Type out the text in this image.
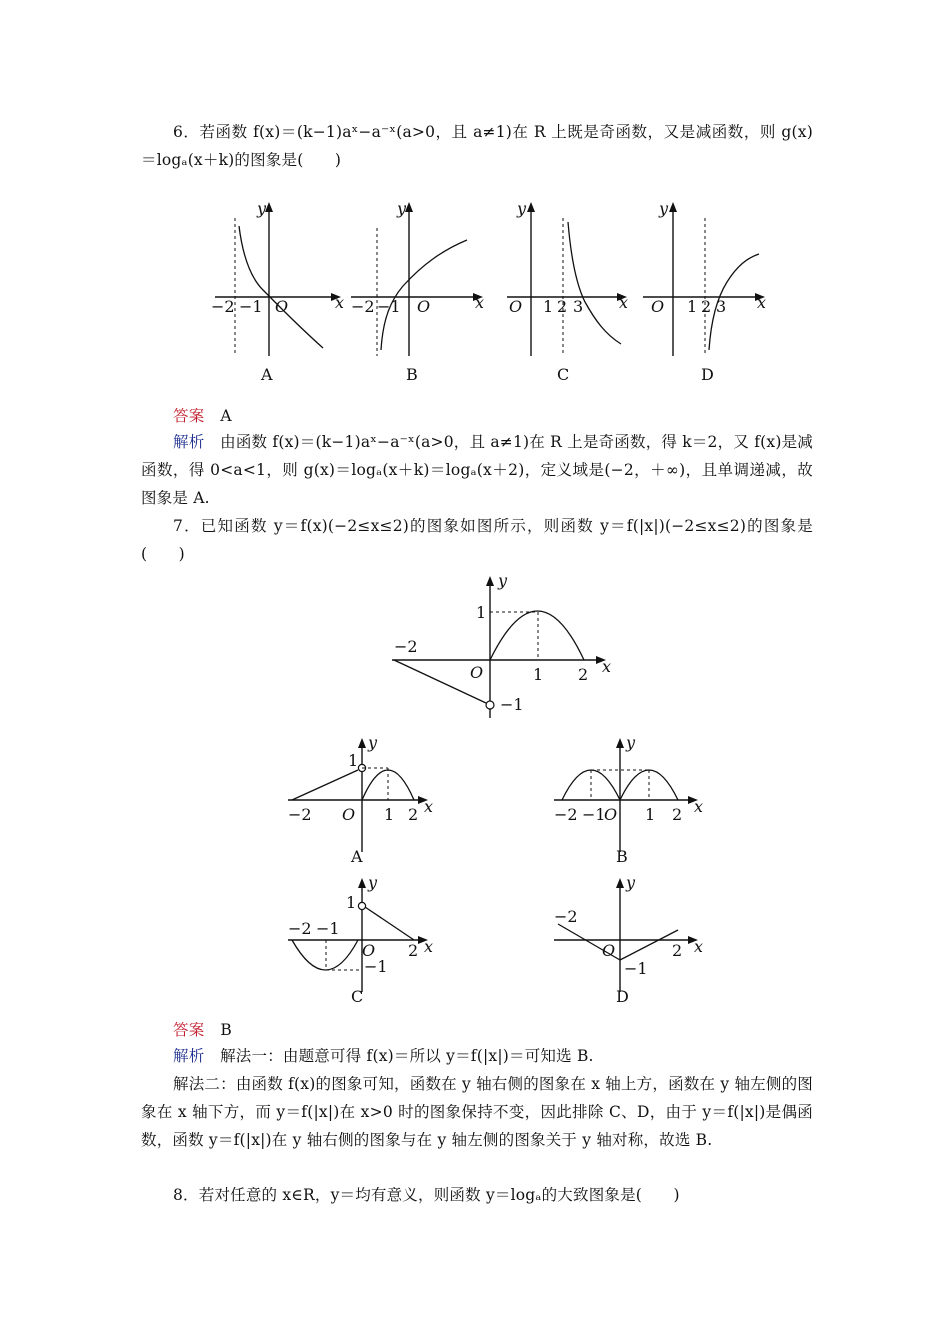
6．若函数 f(x)＝(k−1)aˣ−a⁻ˣ(a>0，且 a≠1)在 R 上既是奇函数，又是减函数，则 g(x)＝logₐ(x＋k)的图象是(　　)
−2 −1 O	x
y
A
−2 −1 O	x
y
B
O 1 2 3 x
y
C
O 1 2 3 x
y
D
答案 A
解析　 由函数 f(x)＝(k−1)aˣ−a⁻ˣ(a>0，且 a≠1)在 R 上是奇函数，得 k＝2，又 f(x)是减函数，得 0<a<1，则 g(x)＝logₐ(x＋k)＝logₐ(x＋2)，定义域是(−2，＋∞)，且单调递减，故图象是 A.
7．已知函数 y＝f(x)(−2≤x≤2)的图象如图所示，则函数 y＝f(|x|)(−2≤x≤2)的图象是(　　)
−2
O	1 2
1
−1
x
y
−2
1
O 1 2 x
y
A
−2 −1
O 1 2 x
y
B
−2 −1
1
O 2
−1
x
y
C
−2
O	2
−1
x
y
D
答案 B
解析　 解法一：由题意可得 f(x)＝所以 y＝f(|x|)＝可知选 B.
解法二：由函数 f(x)的图象可知，函数在 y 轴右侧的图象在 x 轴上方，函数在 y 轴左侧的图象在 x 轴下方，而 y＝f(|x|)在 x>0 时的图象保持不变，因此排除 C、D，由于 y＝f(|x|)是偶函数，函数 y＝f(|x|)在 y 轴右侧的图象与在 y 轴左侧的图象关于 y 轴对称，故选 B.
8．若对任意的 x∈R，y＝均有意义，则函数 y＝logₐ的大致图象是(　　)
